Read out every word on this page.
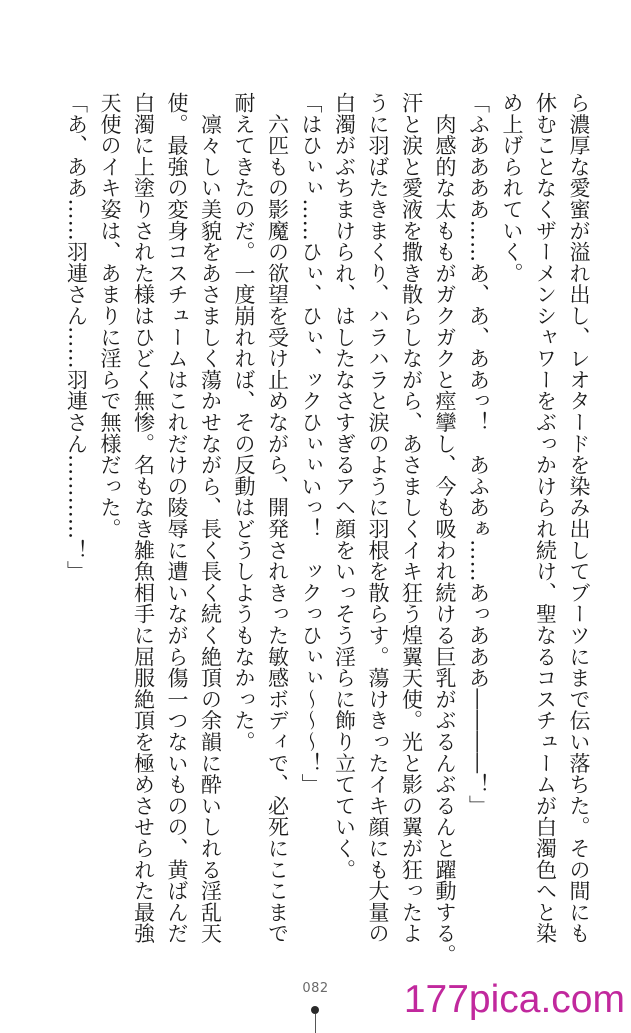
ら濃厚な愛蜜が溢れ出し、レオタードを染み出してブーツにまで伝い落ちた。その間にも
休むことなくザーメンシャワーをぶっかけられ続け、聖なるコスチュームが白濁色へと染
め上げられていく。
「ふああああ……あ、あ、ああっ！　あふあぁ……あっあああ――――！」
　肉感的な太ももがガクガクと痙攣し、今も吸われ続ける巨乳がぶるんぶるんと躍動する。
汗と涙と愛液を撒き散らしながら、あさましくイキ狂う煌翼天使。光と影の翼が狂ったよ
うに羽ばたきまくり、ハラハラと涙のように羽根を散らす。蕩けきったイキ顔にも大量の
白濁がぶちまけられ、はしたなさすぎるアヘ顔をいっそう淫らに飾り立てていく。
「はひぃぃ……ひぃ、ひぃ、ックひぃぃいっ！　ックっひぃぃ～～～！」
　六匹もの影魔の欲望を受け止めながら、開発されきった敏感ボディで、必死にここまで
耐えてきたのだ。一度崩れれば、その反動はどうしようもなかった。
　凛々しい美貌をあさましく蕩かせながら、長く長く続く絶頂の余韻に酔いしれる淫乱天
使。最強の変身コスチュームはこれだけの陵辱に遭いながら傷一つないものの、黄ばんだ
白濁に上塗りされた様はひどく無惨。名もなき雑魚相手に屈服絶頂を極めさせられた最強
天使のイキ姿は、あまりに淫らで無様だった。
「あ、ああ……羽連さん……羽連さん…………！」
082	177pica.com
